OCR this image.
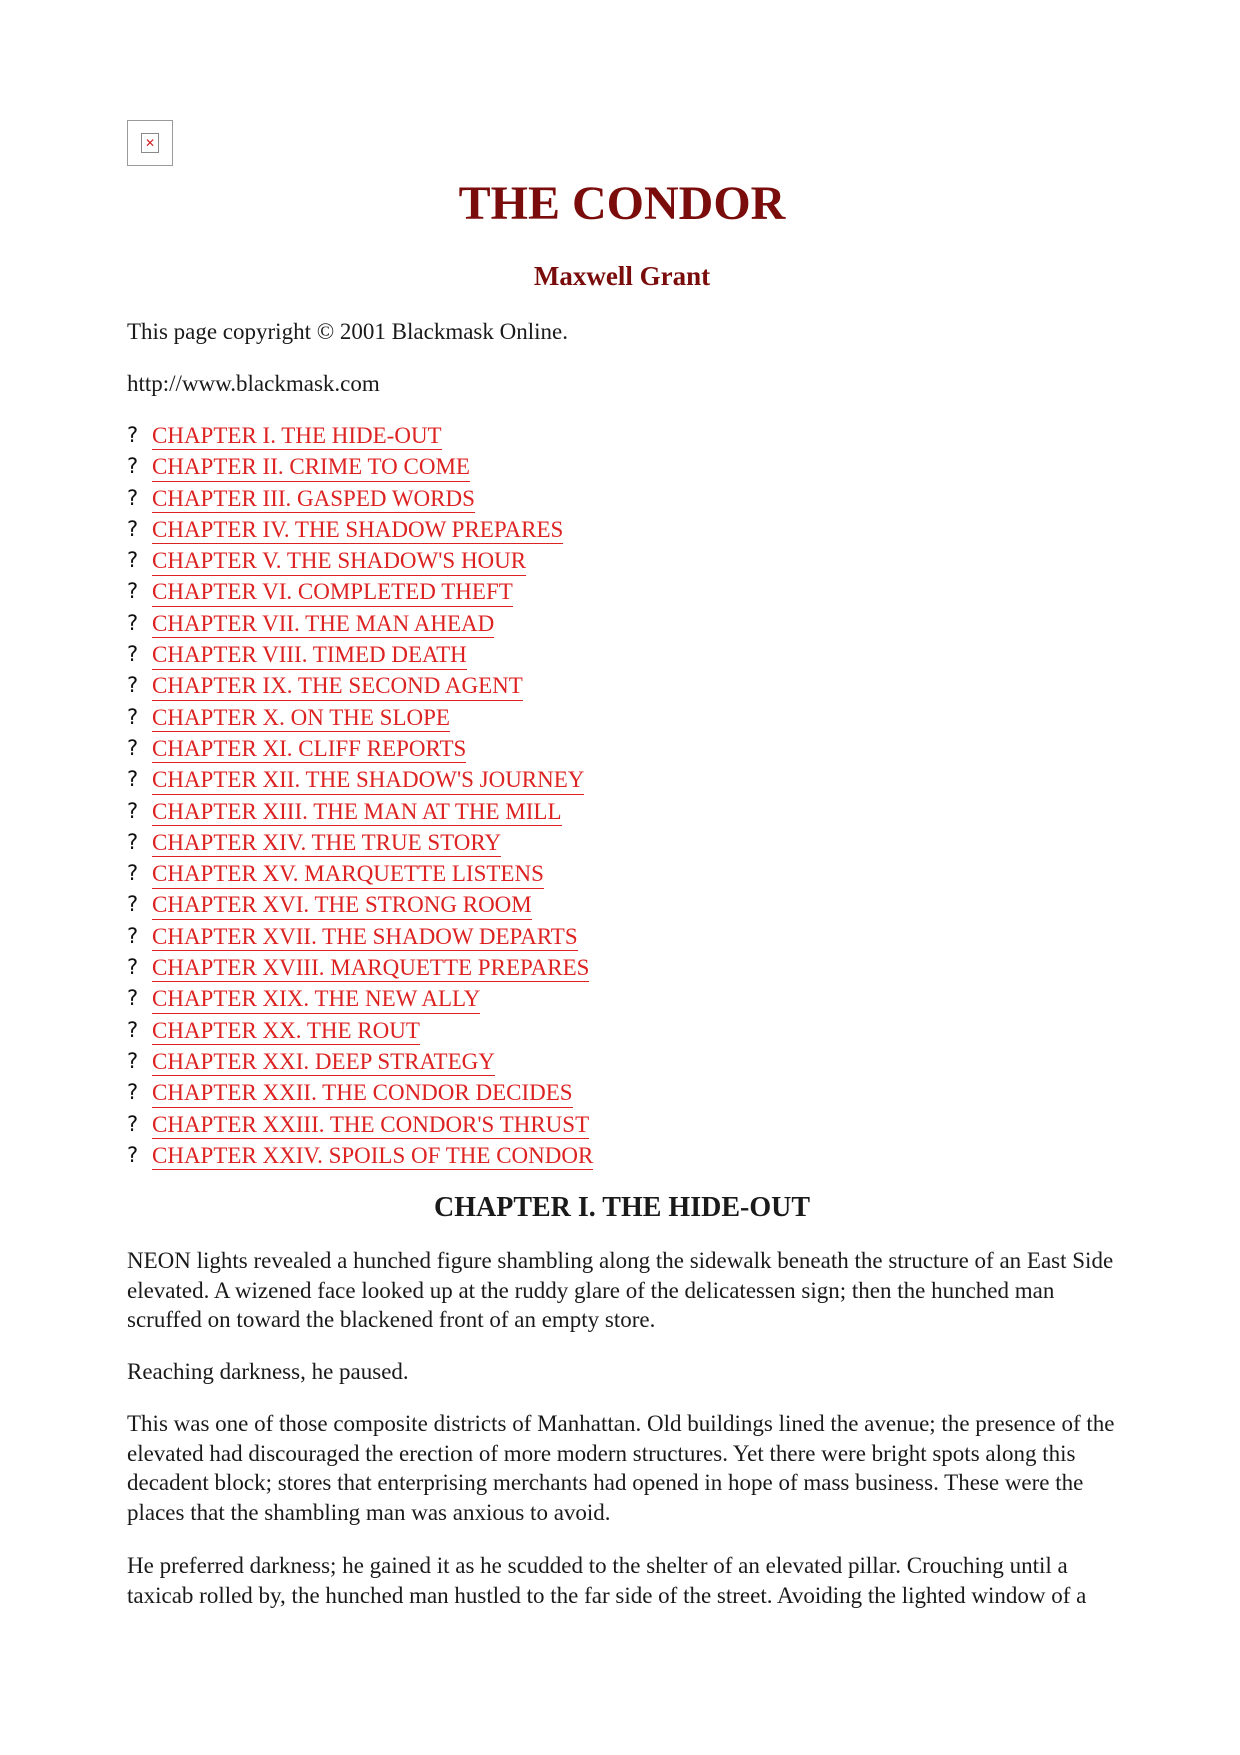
✕
THE CONDOR
Maxwell Grant

This page copyright © 2001 Blackmask Online.

http://www.blackmask.com

? CHAPTER I. THE HIDE-OUT
? CHAPTER II. CRIME TO COME
? CHAPTER III. GASPED WORDS
? CHAPTER IV. THE SHADOW PREPARES
? CHAPTER V. THE SHADOW'S HOUR
? CHAPTER VI. COMPLETED THEFT
? CHAPTER VII. THE MAN AHEAD
? CHAPTER VIII. TIMED DEATH
? CHAPTER IX. THE SECOND AGENT
? CHAPTER X. ON THE SLOPE
? CHAPTER XI. CLIFF REPORTS
? CHAPTER XII. THE SHADOW'S JOURNEY
? CHAPTER XIII. THE MAN AT THE MILL
? CHAPTER XIV. THE TRUE STORY
? CHAPTER XV. MARQUETTE LISTENS
? CHAPTER XVI. THE STRONG ROOM
? CHAPTER XVII. THE SHADOW DEPARTS
? CHAPTER XVIII. MARQUETTE PREPARES
? CHAPTER XIX. THE NEW ALLY
? CHAPTER XX. THE ROUT
? CHAPTER XXI. DEEP STRATEGY
? CHAPTER XXII. THE CONDOR DECIDES
? CHAPTER XXIII. THE CONDOR'S THRUST
? CHAPTER XXIV. SPOILS OF THE CONDOR
CHAPTER I. THE HIDE-OUT

NEON lights revealed a hunched figure shambling along the sidewalk beneath the structure of an East Side elevated. A wizened face looked up at the ruddy glare of the delicatessen sign; then the hunched man scruffed on toward the blackened front of an empty store.

Reaching darkness, he paused.

This was one of those composite districts of Manhattan. Old buildings lined the avenue; the presence of the elevated had discouraged the erection of more modern structures. Yet there were bright spots along this decadent block; stores that enterprising merchants had opened in hope of mass business. These were the places that the shambling man was anxious to avoid.

He preferred darkness; he gained it as he scudded to the shelter of an elevated pillar. Crouching until a taxicab rolled by, the hunched man hustled to the far side of the street. Avoiding the lighted window of a
